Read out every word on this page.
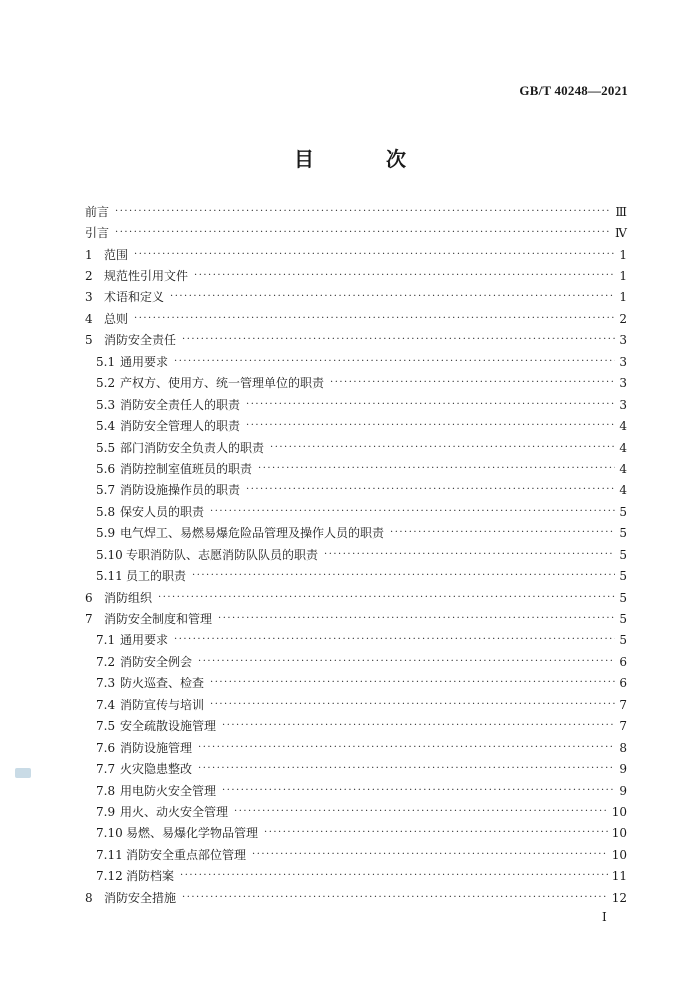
GB/T 40248—2021
目　次
前言 ·····	Ⅲ
引言 ·····	Ⅳ
1 范围 ·····	1
2 规范性引用文件 ·····	1
3 术语和定义 ·····	1
4 总则 ·····	2
5 消防安全责任 ·····	3
5.1 通用要求 ·····	3
5.2 产权方、使用方、统一管理单位的职责 ·····	3
5.3 消防安全责任人的职责 ·····	3
5.4 消防安全管理人的职责 ·····	4
5.5 部门消防安全负责人的职责 ·····	4
5.6 消防控制室值班员的职责 ·····	4
5.7 消防设施操作员的职责 ·····	4
5.8 保安人员的职责 ·····	5
5.9 电气焊工、易燃易爆危险品管理及操作人员的职责 ·····	5
5.10 专职消防队、志愿消防队队员的职责 ·····	5
5.11 员工的职责 ·····	5
6 消防组织 ·····	5
7 消防安全制度和管理 ·····	5
7.1 通用要求 ·····	5
7.2 消防安全例会 ·····	6
7.3 防火巡查、检查 ·····	6
7.4 消防宣传与培训 ·····	7
7.5 安全疏散设施管理 ·····	7
7.6 消防设施管理 ·····	8
7.7 火灾隐患整改 ·····	9
7.8 用电防火安全管理 ·····	9
7.9 用火、动火安全管理 ·····	10
7.10 易燃、易爆化学物品管理 ·····	10
7.11 消防安全重点部位管理 ·····	10
7.12 消防档案 ·····	11
8 消防安全措施 ·····	12
I
